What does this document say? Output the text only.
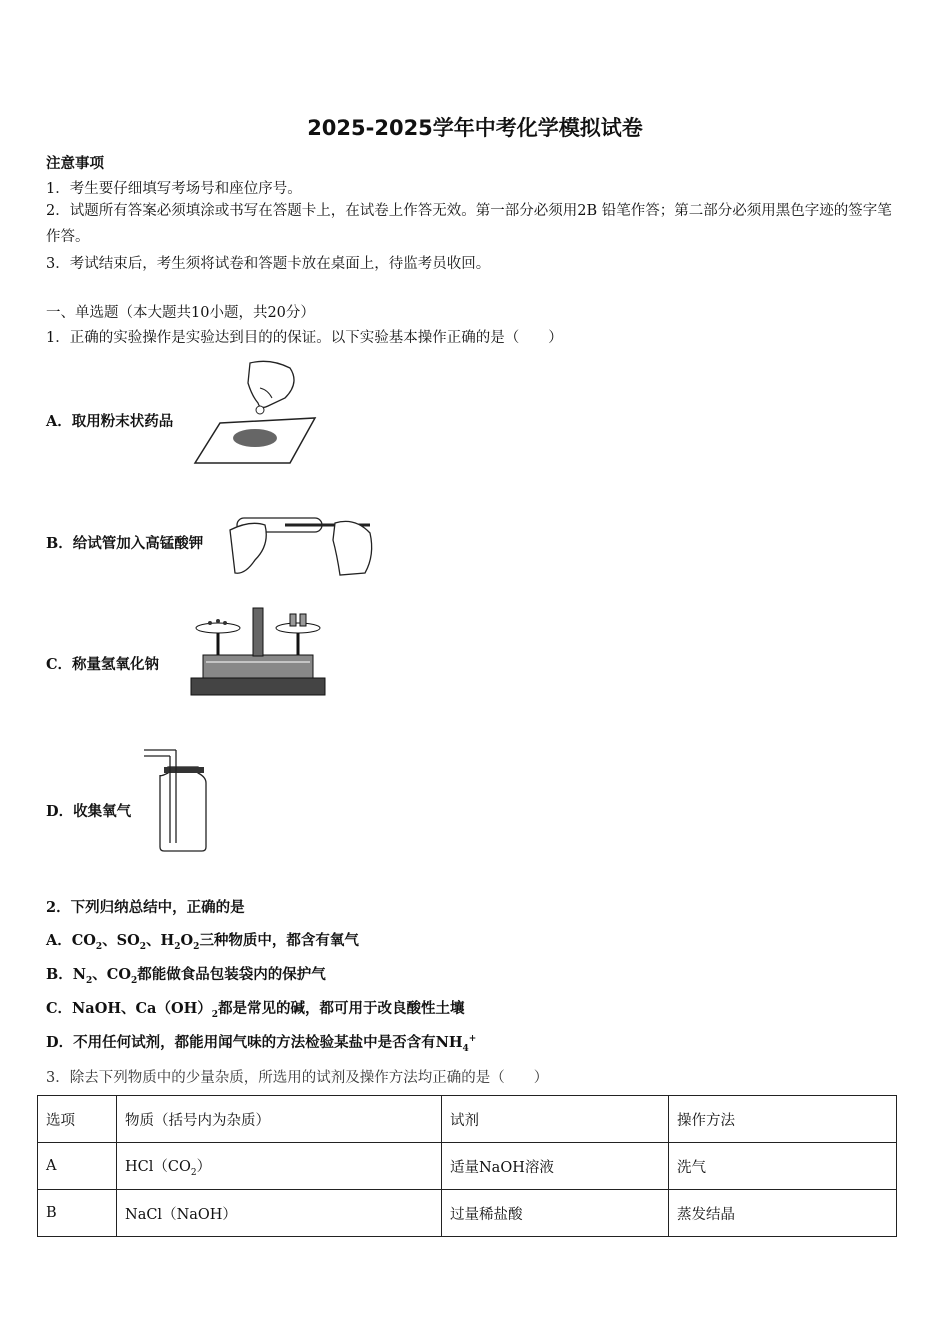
2025-2025学年中考化学模拟试卷
注意事项
1．考生要仔细填写考场号和座位序号。
2．试题所有答案必须填涂或书写在答题卡上，在试卷上作答无效。第一部分必须用2B 铅笔作答；第二部分必须用黑色字迹的签字笔作答。
3．考试结束后，考生须将试卷和答题卡放在桌面上，待监考员收回。
一、单选题（本大题共10小题，共20分）
1．正确的实验操作是实验达到目的的保证。以下实验基本操作正确的是（　　）
A．取用粉末状药品
B．给试管加入高锰酸钾
C．称量氢氧化钠
D．收集氧气
2．下列归纳总结中，正确的是
A．$CO_2$、$SO_2$、$H_2O_2$三种物质中，都含有氧气
B．$N_2$、$CO_2$都能做食品包装袋内的保护气
C．NaOH、$Ca(OH)_2$都是常见的碱，都可用于改良酸性土壤
D．不用任何试剂，都能用闻气味的方法检验某盐中是否含有$NH_4^+$
3．除去下列物质中的少量杂质，所选用的试剂及操作方法均正确的是（　　）
选项	物质（括号内为杂质）	试剂	操作方法
A	$HCl(CO_2)$	适量NaOH溶液	洗气
B	NaCl（NaOH）	过量稀盐酸	蒸发结晶
